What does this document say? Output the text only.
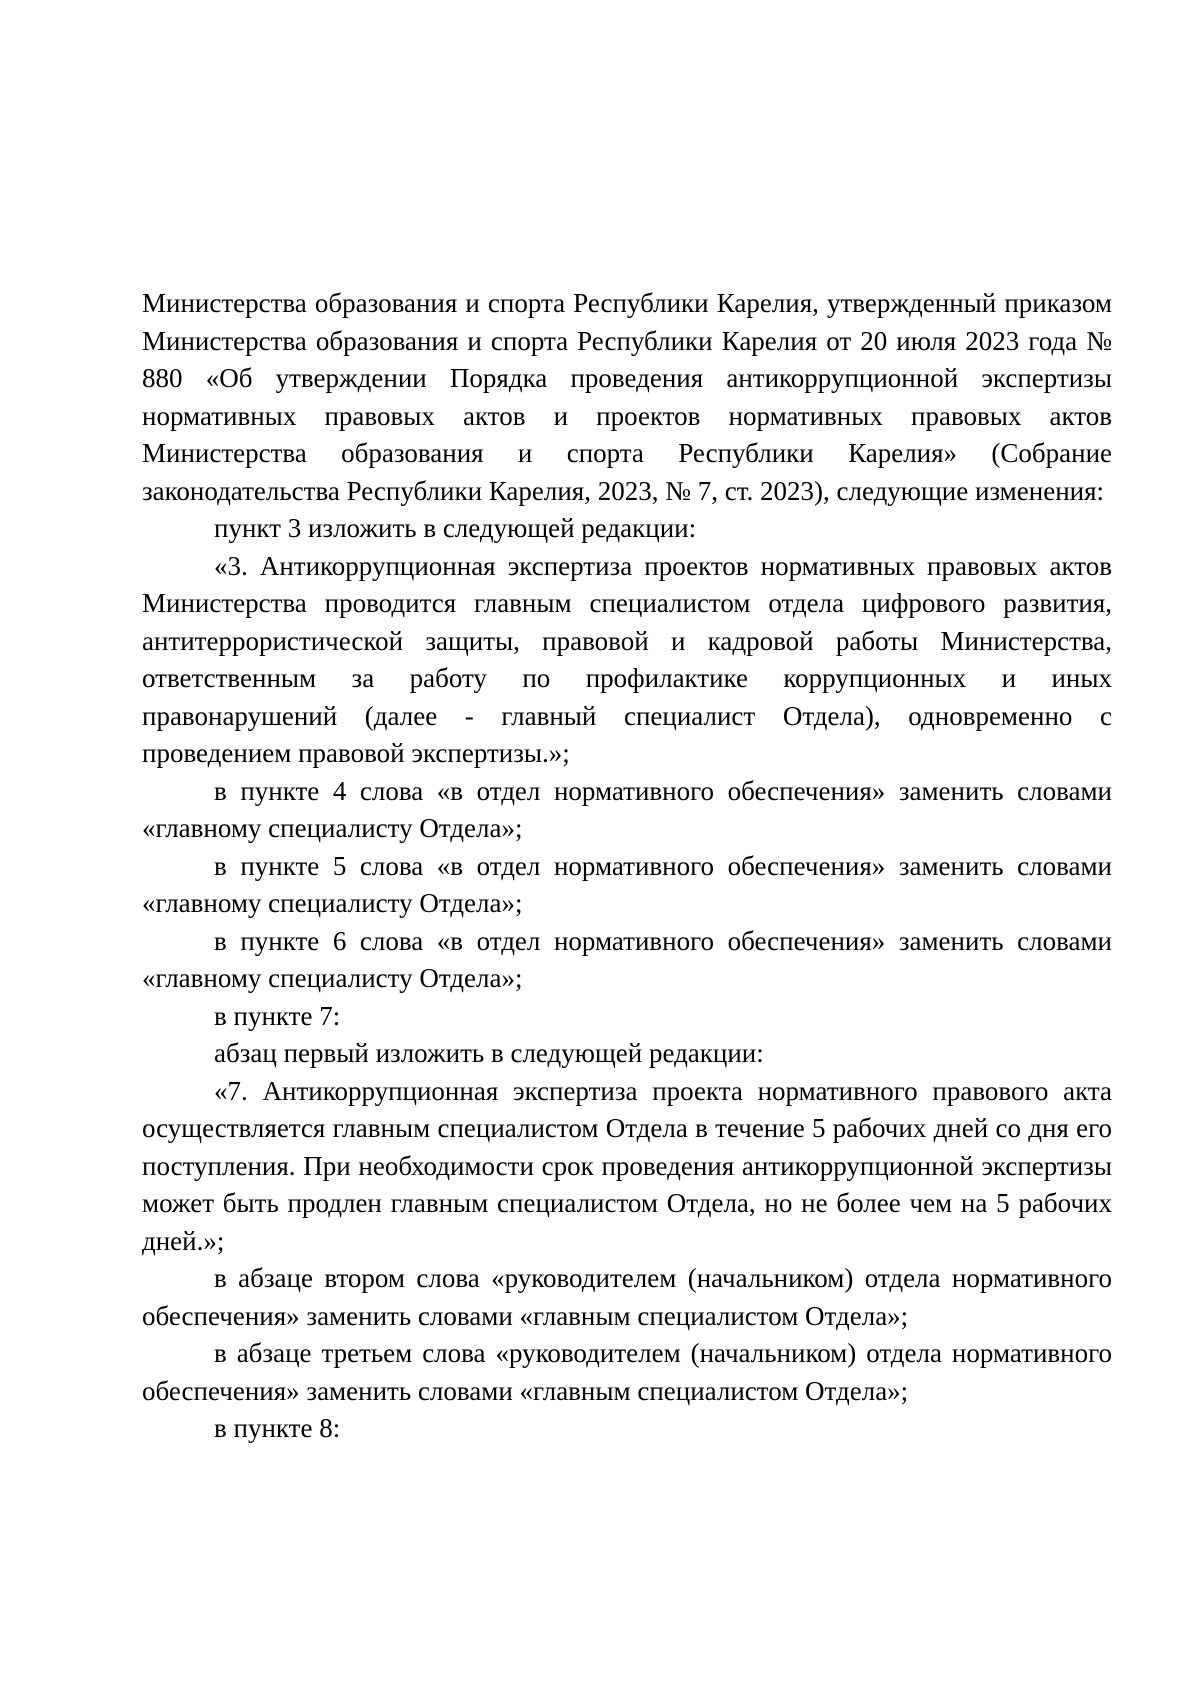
Министерства образования и спорта Республики Карелия, утвержденный приказом Министерства образования и спорта Республики Карелия от 20 июля 2023 года № 880 «Об утверждении Порядка проведения антикоррупционной экспертизы нормативных правовых актов и проектов нормативных правовых актов Министерства образования и спорта Республики Карелия» (Собрание законодательства Республики Карелия, 2023, № 7, ст. 2023), следующие изменения:

пункт 3 изложить в следующей редакции:

«3. Антикоррупционная экспертиза проектов нормативных правовых актов Министерства проводится главным специалистом отдела цифрового развития, антитеррористической защиты, правовой и кадровой работы Министерства, ответственным за работу по профилактике коррупционных и иных правонарушений (далее - главный специалист Отдела), одновременно с проведением правовой экспертизы.»;

в пункте 4 слова «в отдел нормативного обеспечения» заменить словами «главному специалисту Отдела»;

в пункте 5 слова «в отдел нормативного обеспечения» заменить словами «главному специалисту Отдела»;

в пункте 6 слова «в отдел нормативного обеспечения» заменить словами «главному специалисту Отдела»;

в пункте 7:

абзац первый изложить в следующей редакции:

«7. Антикоррупционная экспертиза проекта нормативного правового акта осуществляется главным специалистом Отдела в течение 5 рабочих дней со дня его поступления. При необходимости срок проведения антикоррупционной экспертизы может быть продлен главным специалистом Отдела, но не более чем на 5 рабочих дней.»;

в абзаце втором слова «руководителем (начальником) отдела нормативного обеспечения» заменить словами «главным специалистом Отдела»;

в абзаце третьем слова «руководителем (начальником) отдела нормативного обеспечения» заменить словами «главным специалистом Отдела»;

в пункте 8:
